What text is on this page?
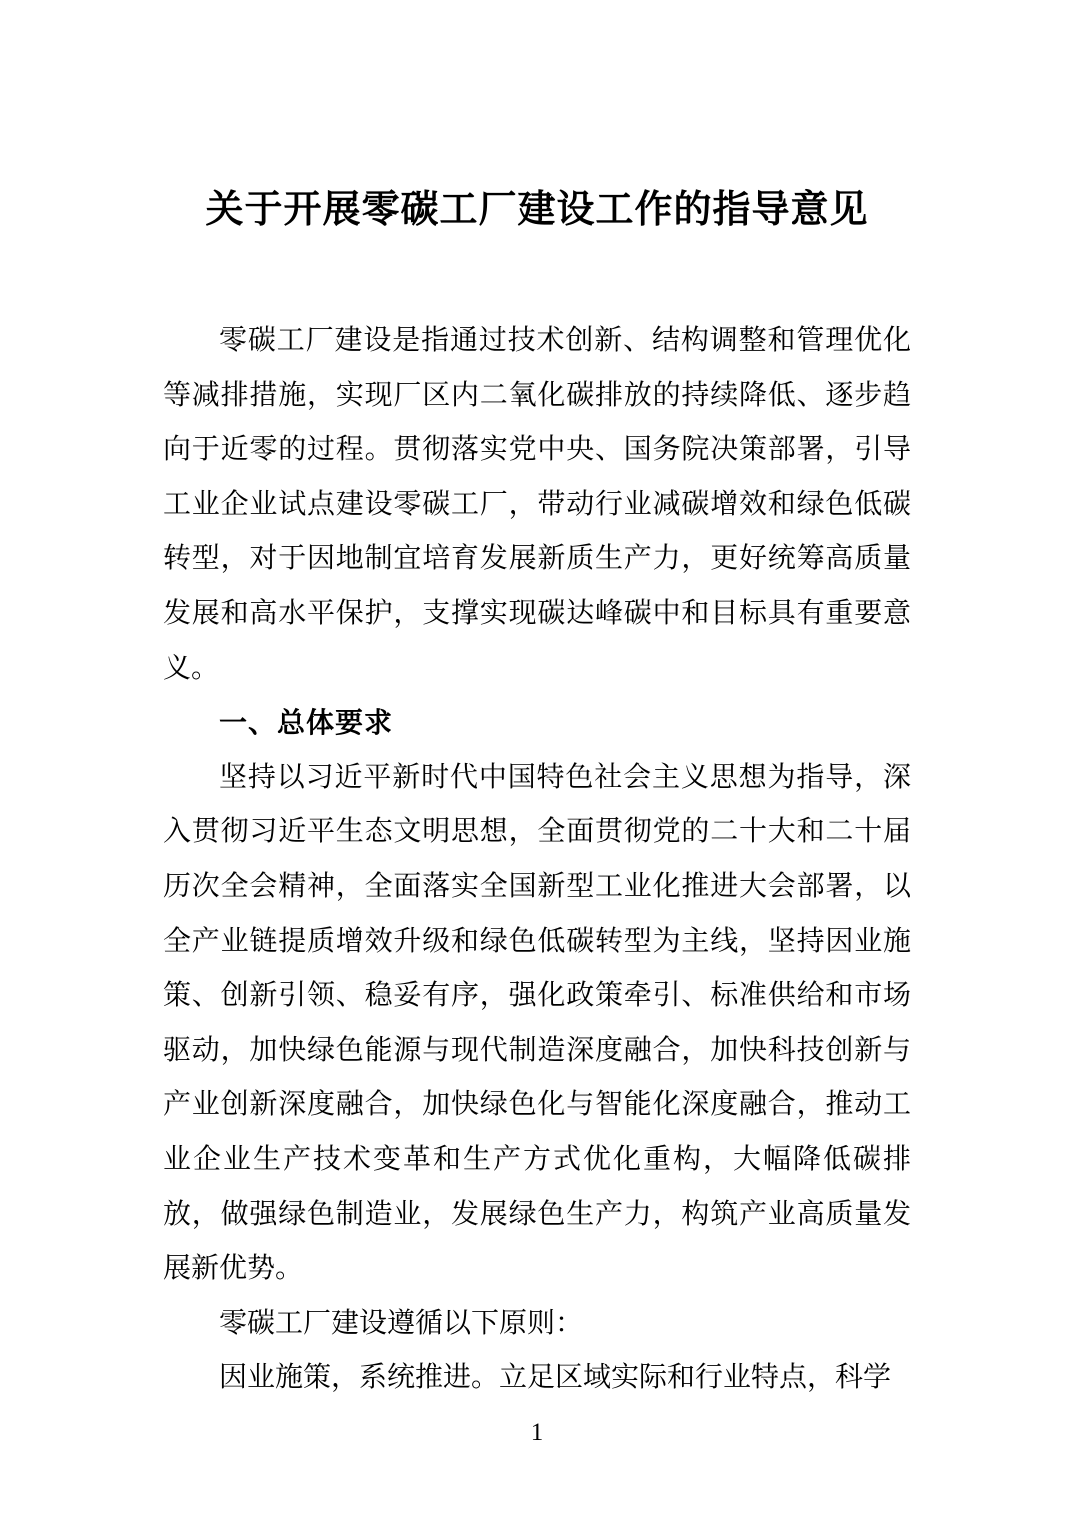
关于开展零碳工厂建设工作的指导意见

零碳工厂建设是指通过技术创新、结构调整和管理优化等减排措施，实现厂区内二氧化碳排放的持续降低、逐步趋向于近零的过程。贯彻落实党中央、国务院决策部署，引导工业企业试点建设零碳工厂，带动行业减碳增效和绿色低碳转型，对于因地制宜培育发展新质生产力，更好统筹高质量发展和高水平保护，支撑实现碳达峰碳中和目标具有重要意义。

一、总体要求

坚持以习近平新时代中国特色社会主义思想为指导，深入贯彻习近平生态文明思想，全面贯彻党的二十大和二十届历次全会精神，全面落实全国新型工业化推进大会部署，以全产业链提质增效升级和绿色低碳转型为主线，坚持因业施策、创新引领、稳妥有序，强化政策牵引、标准供给和市场驱动，加快绿色能源与现代制造深度融合，加快科技创新与产业创新深度融合，加快绿色化与智能化深度融合，推动工业企业生产技术变革和生产方式优化重构，大幅降低碳排放，做强绿色制造业，发展绿色生产力，构筑产业高质量发展新优势。

零碳工厂建设遵循以下原则：

因业施策，系统推进。立足区域实际和行业特点，科学

1
